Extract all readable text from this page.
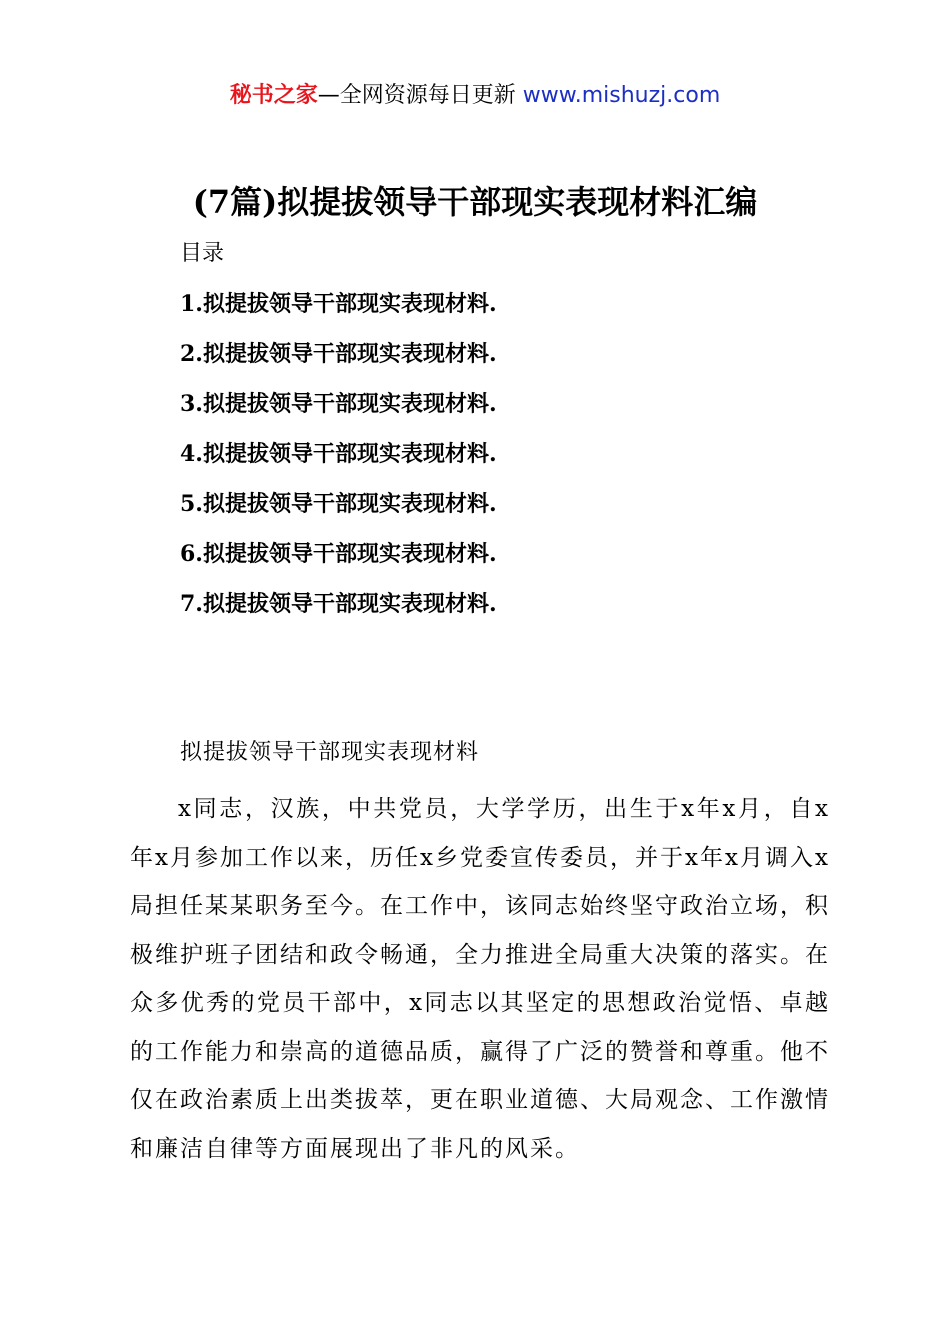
秘书之家—全网资源每日更新 www.mishuzj.com
(7篇)拟提拔领导干部现实表现材料汇编
目录
1.拟提拔领导干部现实表现材料.
2.拟提拔领导干部现实表现材料.
3.拟提拔领导干部现实表现材料.
4.拟提拔领导干部现实表现材料.
5.拟提拔领导干部现实表现材料.
6.拟提拔领导干部现实表现材料.
7.拟提拔领导干部现实表现材料.
拟提拔领导干部现实表现材料

x同志，汉族，中共党员，大学学历，出生于x年x月，自x年x月参加工作以来，历任x乡党委宣传委员，并于x年x月调入x局担任某某职务至今。在工作中，该同志始终坚守政治立场，积极维护班子团结和政令畅通，全力推进全局重大决策的落实。在众多优秀的党员干部中，x同志以其坚定的思想政治觉悟、卓越的工作能力和崇高的道德品质，赢得了广泛的赞誉和尊重。他不仅在政治素质上出类拔萃，更在职业道德、大局观念、工作激情和廉洁自律等方面展现出了非凡的风采。
